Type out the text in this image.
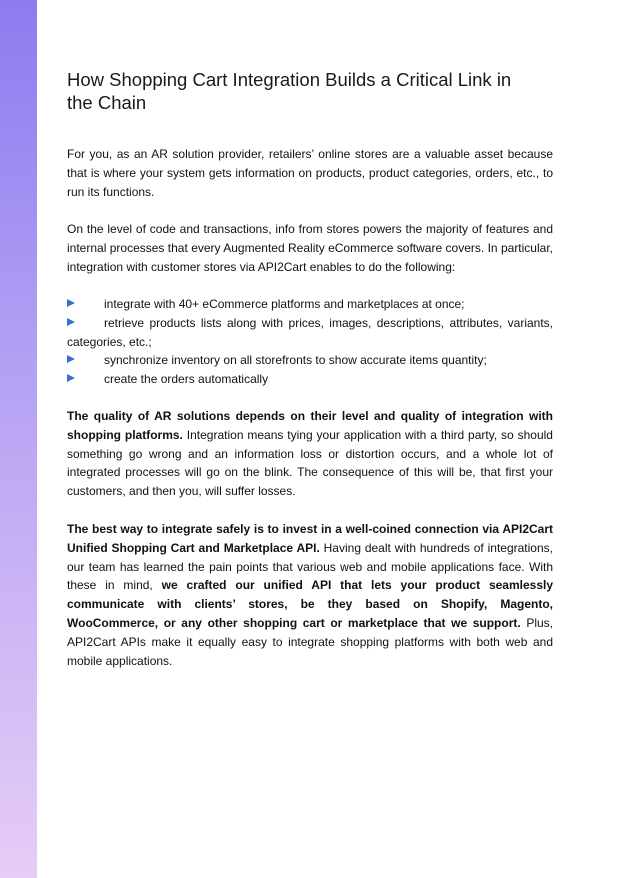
How Shopping Cart Integration Builds a Critical Link in the Chain

For you, as an AR solution provider, retailers’ online stores are a valuable asset because that is where your system gets information on products, product categories, orders, etc., to run its functions.

On the level of code and transactions, info from stores powers the majority of features and internal processes that every Augmented Reality eCommerce software covers. In particular, integration with customer stores via API2Cart enables to do the following:

integrate with 40+ eCommerce platforms and marketplaces at once;
retrieve products lists along with prices, images, descriptions, attributes, variants, categories, etc.;
synchronize inventory on all storefronts to show accurate items quantity;
create the orders automatically

The quality of AR solutions depends on their level and quality of integration with shopping platforms. Integration means tying your application with a third party, so should something go wrong and an information loss or distortion occurs, and a whole lot of integrated processes will go on the blink. The consequence of this will be, that first your customers, and then you, will suffer losses.

The best way to integrate safely is to invest in a well-coined connection via API2Cart Unified Shopping Cart and Marketplace API. Having dealt with hundreds of integrations, our team has learned the pain points that various web and mobile applications face. With these in mind, we crafted our unified API that lets your product seamlessly communicate with clients’ stores, be they based on Shopify, Magento, WooCommerce, or any other shopping cart or marketplace that we support. Plus, API2Cart APIs make it equally easy to integrate shopping platforms with both web and mobile applications.
